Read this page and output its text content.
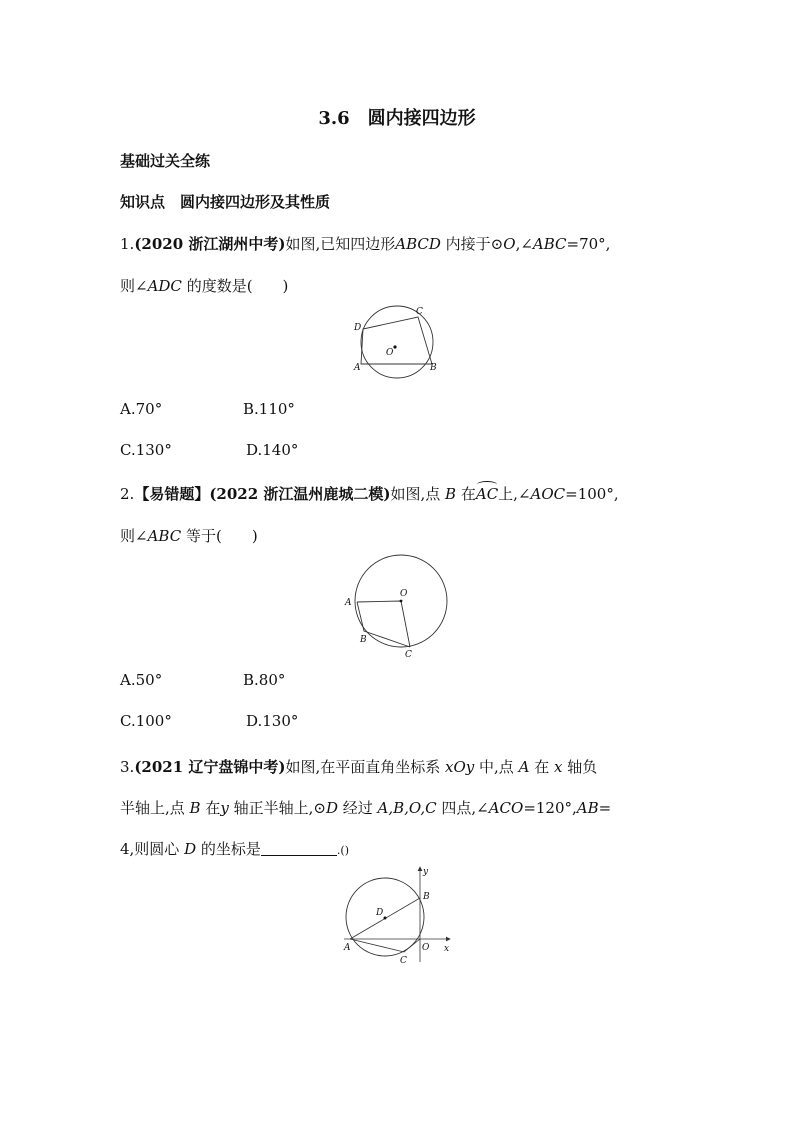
3.6　圆内接四边形
基础过关全练
知识点　圆内接四边形及其性质
1.(2020 浙江湖州中考)如图,已知四边形ABCD 内接于⊙O,∠ABC=70°,
则∠ADC 的度数是(　　)
D
C
O
A	B
A.70°	B.110°
C.130°	D.140°
2.【易错题】(2022 浙江温州鹿城二模)如图,点 B 在AC上,∠AOC=100°,
则∠ABC 等于(　　)
O
A
B
C
A.50°	B.80°
C.100°	D.130°
3.(2021 辽宁盘锦中考)如图,在平面直角坐标系 xOy 中,点 A 在 x 轴负
半轴上,点 B 在y 轴正半轴上,⊙D 经过 A,B,O,C 四点,∠ACO=120°,AB=
4,则圆心 D 的坐标是	.()
y
B
D
A	O x
C
